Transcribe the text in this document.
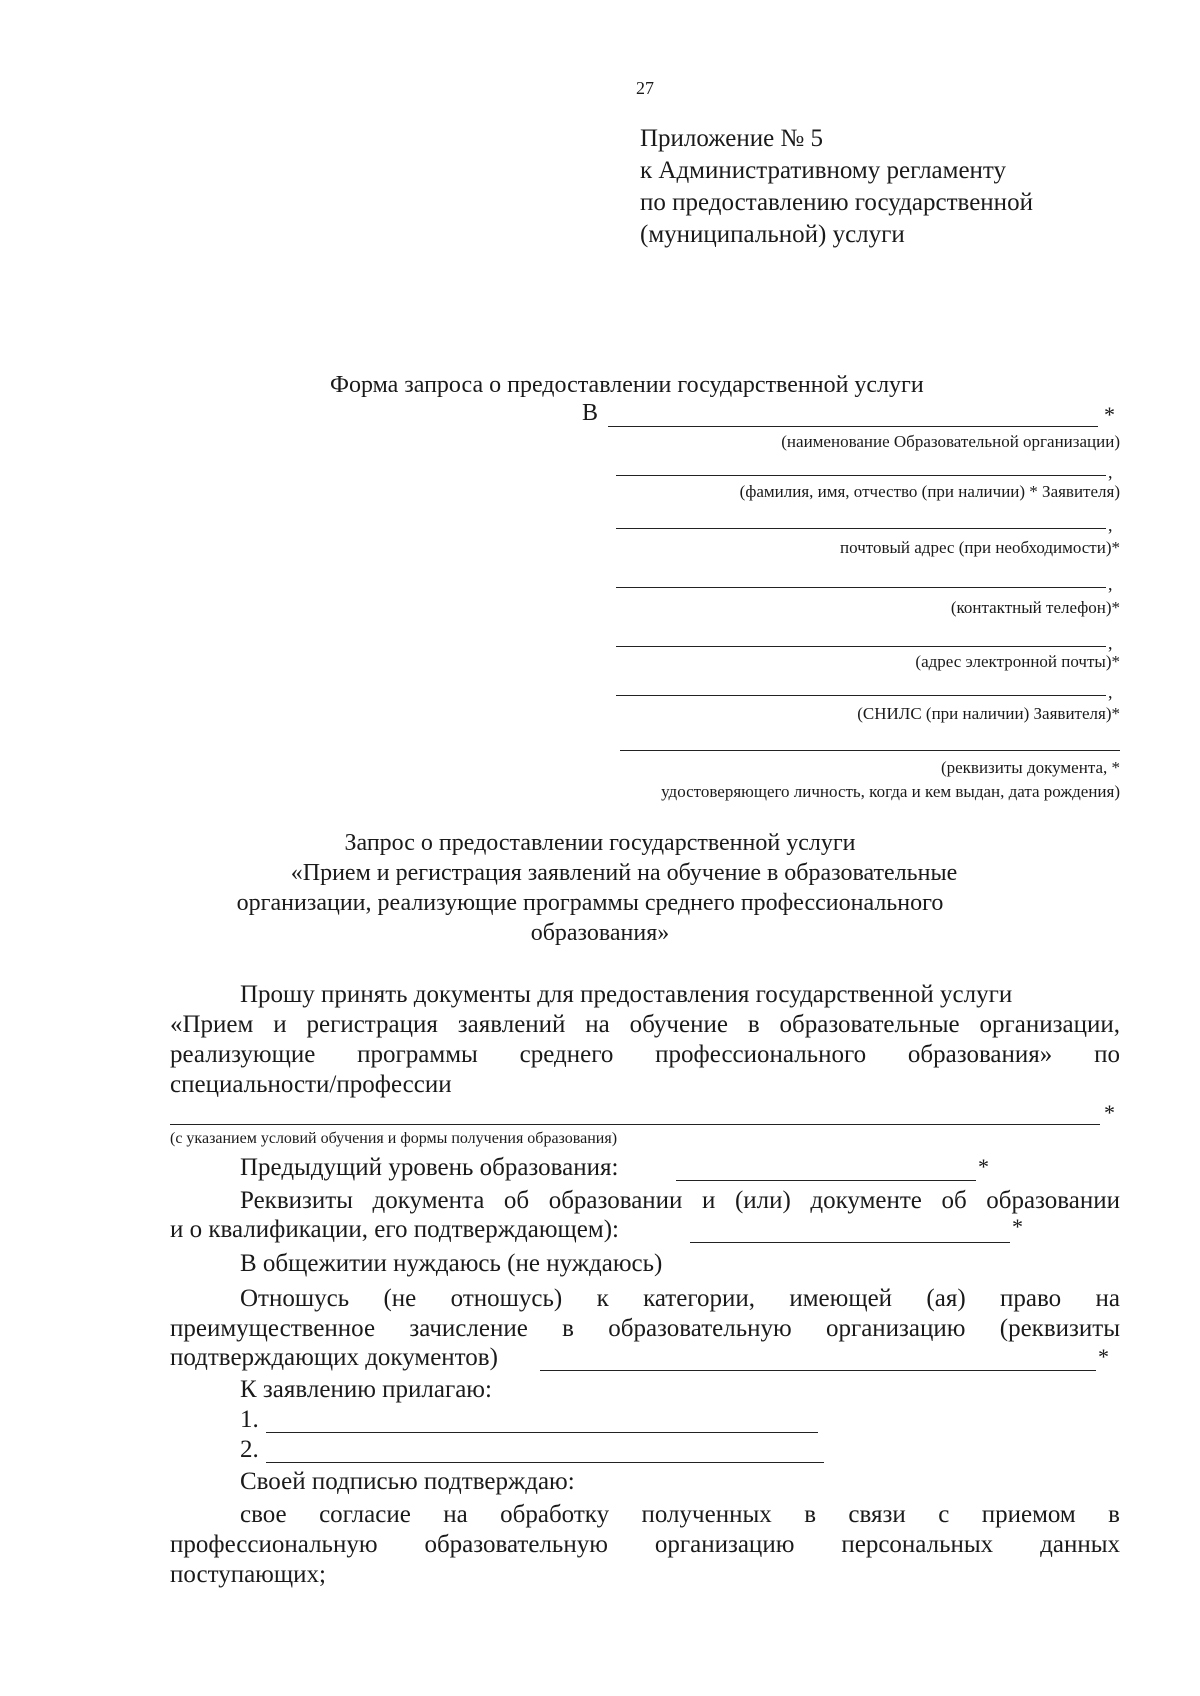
27
Приложение № 5
к Административному регламенту
по предоставлению государственной
(муниципальной) услуги
Форма запроса о предоставлении государственной услуги
В	*
(наименование Образовательной организации)
,
(фамилия, имя, отчество (при наличии) * Заявителя)
,
почтовый адрес (при необходимости)*
,
(контактный телефон)*
,
(адрес электронной почты)*
,
(СНИЛС (при наличии) Заявителя)*
(реквизиты документа, *
удостоверяющего личность, когда и кем выдан, дата рождения)
Запрос о предоставлении государственной услуги
«Прием и регистрация заявлений на обучение в образовательные
организации, реализующие программы среднего профессионального
образования»
Прошу принять документы для предоставления государственной услуги
«Прием и регистрация заявлений на обучение в образовательные организации,
реализующие программы среднего профессионального образования» по
специальности/профессии
*
(с указанием условий обучения и формы получения образования)
Предыдущий уровень образования:	*
Реквизиты документа об образовании и (или) документе об образовании
и о квалификации, его подтверждающем):	*
В общежитии нуждаюсь (не нуждаюсь)
Отношусь (не отношусь) к категории, имеющей (ая) право на
преимущественное зачисление в образовательную организацию (реквизиты
подтверждающих документов)	*
К заявлению прилагаю:
1.
2.
Своей подписью подтверждаю:
свое согласие на обработку полученных в связи с приемом в
профессиональную образовательную организацию персональных данных
поступающих;
